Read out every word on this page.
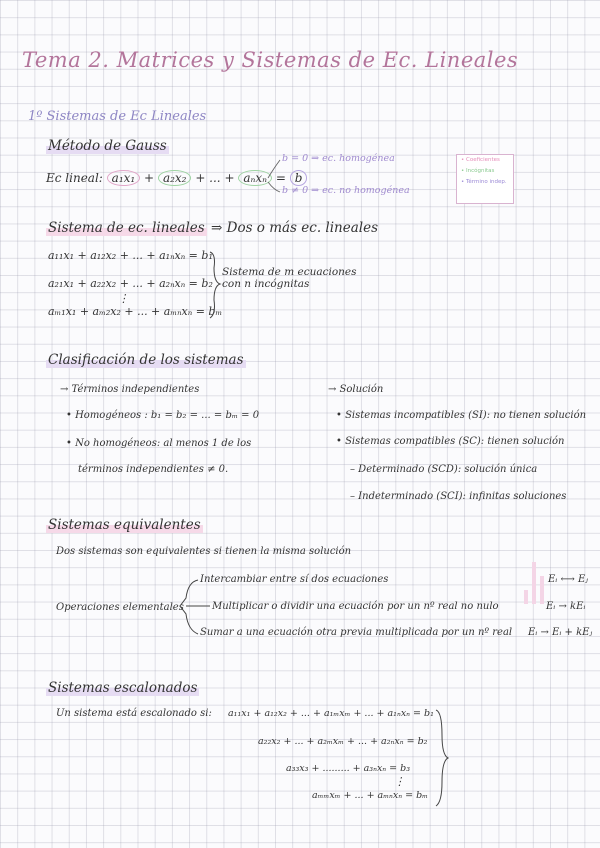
Tema 2. Matrices y Sistemas de Ec. Lineales
1º Sistemas de Ec Lineales
Método de Gauss
Ec lineal: a₁x₁ + a₂x₂ + ... + aₙxₙ = b
b = 0 ⇒ ec. homogénea
b ≠ 0 ⇒ ec. no homogénea
• Coeficientes
• Incógnitas
• Término indep.
Sistema de ec. lineales ⇒ Dos o más ec. lineales
a₁₁x₁ + a₁₂x₂ + ... + a₁ₙxₙ = b₁
a₂₁x₁ + a₂₂x₂ + ... + a₂ₙxₙ = b₂
⋮
aₘ₁x₁ + aₘ₂x₂ + ... + aₘₙxₙ = bₘ
Sistema de m ecuaciones
con n incógnitas
Clasificación de los sistemas
→ Términos independientes
• Homogéneos : b₁ = b₂ = ... = bₘ = 0
• No homogéneos: al menos 1 de los
términos independientes ≠ 0.
→ Solución
• Sistemas incompatibles (SI): no tienen solución
• Sistemas compatibles (SC): tienen solución
– Determinado (SCD): solución única
– Indeterminado (SCI): infinitas soluciones
Sistemas equivalentes
Dos sistemas son equivalentes si tienen la misma solución
Operaciones elementales
Intercambiar entre sí dos ecuaciones
Multiplicar o dividir una ecuación por un nº real no nulo
Sumar a una ecuación otra previa multiplicada por un nº real
Eᵢ ⟷ Eⱼ
Eᵢ → kEᵢ
Eᵢ → Eᵢ + kEⱼ
Sistemas escalonados
Un sistema está escalonado si: a₁₁x₁ + a₁₂x₂ + ... + a₁ₘxₘ + ... + a₁ₙxₙ = b₁
a₂₂x₂ + ... + a₂ₘxₘ + ... + a₂ₙxₙ = b₂
a₃₃x₃ + ......... + a₃ₙxₙ = b₃
⋮
aₘₘxₘ + ... + aₘₙxₙ = bₘ
